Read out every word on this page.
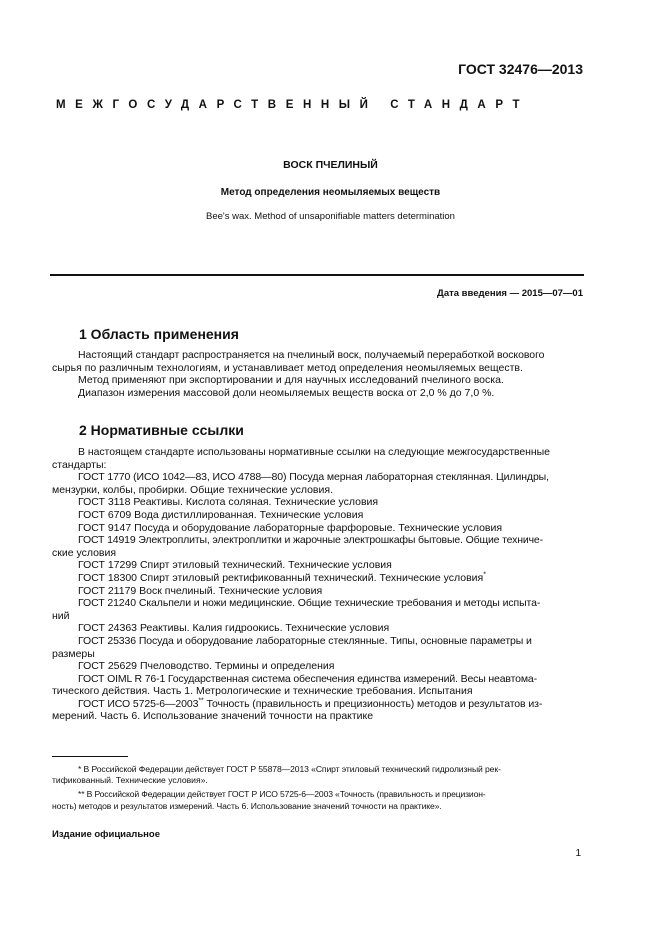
ГОСТ 32476—2013
МЕЖГОСУДАРСТВЕННЫЙ СТАНДАРТ
ВОСК ПЧЕЛИНЫЙ
Метод определения неомыляемых веществ
Bee's wax. Method of unsaponifiable matters determination
Дата введения — 2015—07—01
1 Область применения
Настоящий стандарт распространяется на пчелиный воск, получаемый переработкой воскового
сырья по различным технологиям, и устанавливает метод определения неомыляемых веществ.
Метод применяют при экспортировании и для научных исследований пчелиного воска.
Диапазон измерения массовой доли неомыляемых веществ воска от 2,0 % до 7,0 %.
2 Нормативные ссылки
В настоящем стандарте использованы нормативные ссылки на следующие межгосударственные
стандарты:
ГОСТ 1770 (ИСО 1042—83, ИСО 4788—80) Посуда мерная лабораторная стеклянная. Цилиндры,
мензурки, колбы, пробирки. Общие технические условия.
ГОСТ 3118 Реактивы. Кислота соляная. Технические условия
ГОСТ 6709 Вода дистиллированная. Технические условия
ГОСТ 9147 Посуда и оборудование лабораторные фарфоровые. Технические условия
ГОСТ 14919 Электроплиты, электроплитки и жарочные электрошкафы бытовые. Общие техниче-
ские условия
ГОСТ 17299 Спирт этиловый технический. Технические условия
ГОСТ 18300 Спирт этиловый ректификованный технический. Технические условия*
ГОСТ 21179 Воск пчелиный. Технические условия
ГОСТ 21240 Скальпели и ножи медицинские. Общие технические требования и методы испыта-
ний
ГОСТ 24363 Реактивы. Калия гидроокись. Технические условия
ГОСТ 25336 Посуда и оборудование лабораторные стеклянные. Типы, основные параметры и
размеры
ГОСТ 25629 Пчеловодство. Термины и определения
ГОСТ OIML R 76-1 Государственная система обеспечения единства измерений. Весы неавтома-
тического действия. Часть 1. Метрологические и технические требования. Испытания
ГОСТ ИСО 5725-6—2003** Точность (правильность и прецизионность) методов и результатов из-
мерений. Часть 6. Использование значений точности на практике
* В Российской Федерации действует ГОСТ Р 55878—2013 «Спирт этиловый технический гидролизный рек-
тификованный. Технические условия».
** В Российской Федерации действует ГОСТ Р ИСО 5725-6—2003 «Точность (правильность и прецизион-
ность) методов и результатов измерений. Часть 6. Использование значений точности на практике».
Издание официальное
1
